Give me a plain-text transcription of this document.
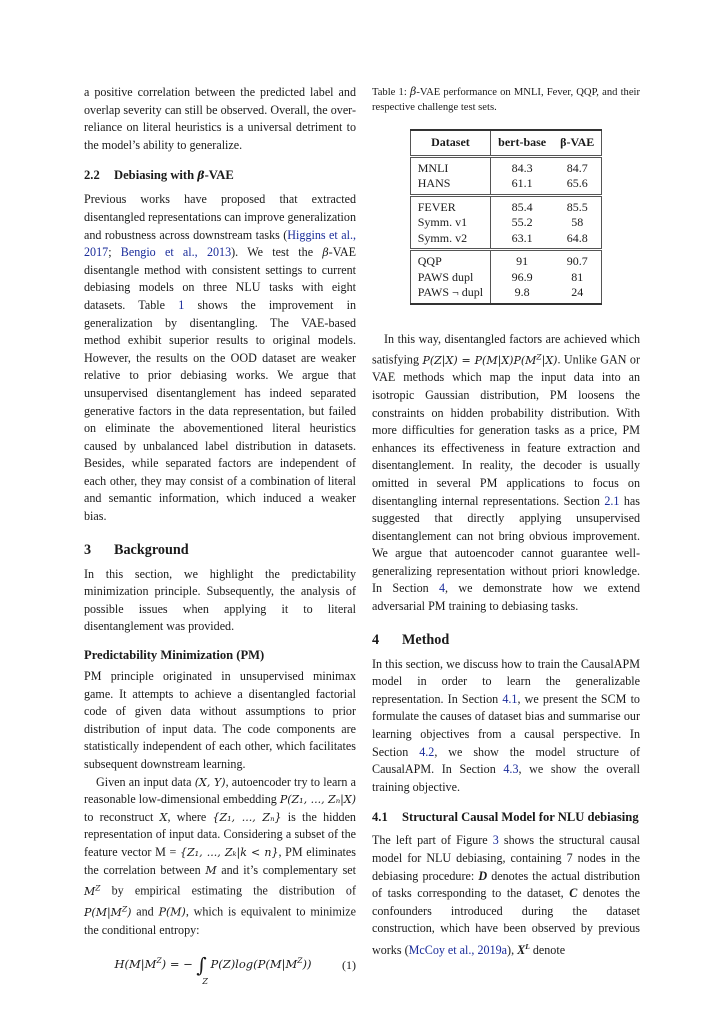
a positive correlation between the predicted label and overlap severity can still be observed. Overall, the over-reliance on literal heuristics is a universal detriment to the model’s ability to generalize.

2.2 Debiasing with β-VAE

Previous works have proposed that extracted disentangled representations can improve generalization and robustness across downstream tasks (Higgins et al., 2017; Bengio et al., 2013). We test the β-VAE disentangle method with consistent settings to current debiasing models on three NLU tasks with eight datasets. Table 1 shows the improvement in generalization by disentangling. The VAE-based method exhibit superior results to original models. However, the results on the OOD dataset are weaker relative to prior debiasing works. We argue that unsupervised disentanglement has indeed separated generative factors in the data representation, but failed on eliminate the abovementioned literal heuristics caused by unbalanced label distribution in datasets. Besides, while separated factors are independent of each other, they may consist of a combination of literal and semantic information, which induced a weaker bias.

3 Background

In this section, we highlight the predictability minimization principle. Subsequently, the analysis of possible issues when applying it to literal disentanglement was provided.

Predictability Minimization (PM)

PM principle originated in unsupervised minimax game. It attempts to achieve a disentangled factorial code of given data without assumptions to prior distribution of input data. The code components are statistically independent of each other, which facilitates subsequent downstream learning.

Given an input data (X, Y), autoencoder try to learn a reasonable low-dimensional embedding P(Z₁, ..., Zₙ|X) to reconstruct X, where {Z₁, ..., Zₙ} is the hidden representation of input data. Considering a subset of the feature vector M = {Z₁, ..., Zₖ|k < n}, PM eliminates the correlation between M and it’s complementary set $M^Z$ by empirical estimating the distribution of $P(M|M^Z)$ and P(M), which is equivalent to minimize the conditional entropy:

$H(M|M^Z)$ = − ∫
Z
$P(Z)\log(P(M|M^Z))$	(1)

Table 1: β-VAE performance on MNLI, Fever, QQP, and their respective challenge test sets.

Dataset	bert-base	β-VAE
MNLI	84.3	84.7
HANS	61.1	65.6
FEVER	85.4	85.5
Symm. v1	55.2	58
Symm. v2	63.1	64.8
QQP	91	90.7
PAWS dupl	96.9	81
PAWS ¬ dupl	9.8	24

In this way, disentangled factors are achieved which satisfying $P(Z|X) = P(M|X)P(M^Z|X)$. Unlike GAN or VAE methods which map the input data into an isotropic Gaussian distribution, PM loosens the constraints on hidden probability distribution. With more difficulties for generation tasks as a price, PM enhances its effectiveness in feature extraction and disentanglement. In reality, the decoder is usually omitted in several PM applications to focus on disentangling internal representations. Section 2.1 has suggested that directly applying unsupervised disentanglement can not bring obvious improvement. We argue that autoencoder cannot guarantee well-generalizing representation without priori knowledge. In Section 4, we demonstrate how we extend adversarial PM training to debiasing tasks.

4 Method

In this section, we discuss how to train the CausalAPM model in order to learn the generalizable representation. In Section 4.1, we present the SCM to formulate the causes of dataset bias and summarise our learning objectives from a causal perspective. In Section 4.2, we show the model structure of CausalAPM. In Section 4.3, we show the overall training objective.

4.1	Structural Causal Model for NLU debiasing

The left part of Figure 3 shows the structural causal model for NLU debiasing, containing 7 nodes in the debiasing procedure: D denotes the actual distribution of tasks corresponding to the dataset, C denotes the confounders introduced during the dataset construction, which have been observed by previous works (McCoy et al., 2019a), $X^L$ denote
